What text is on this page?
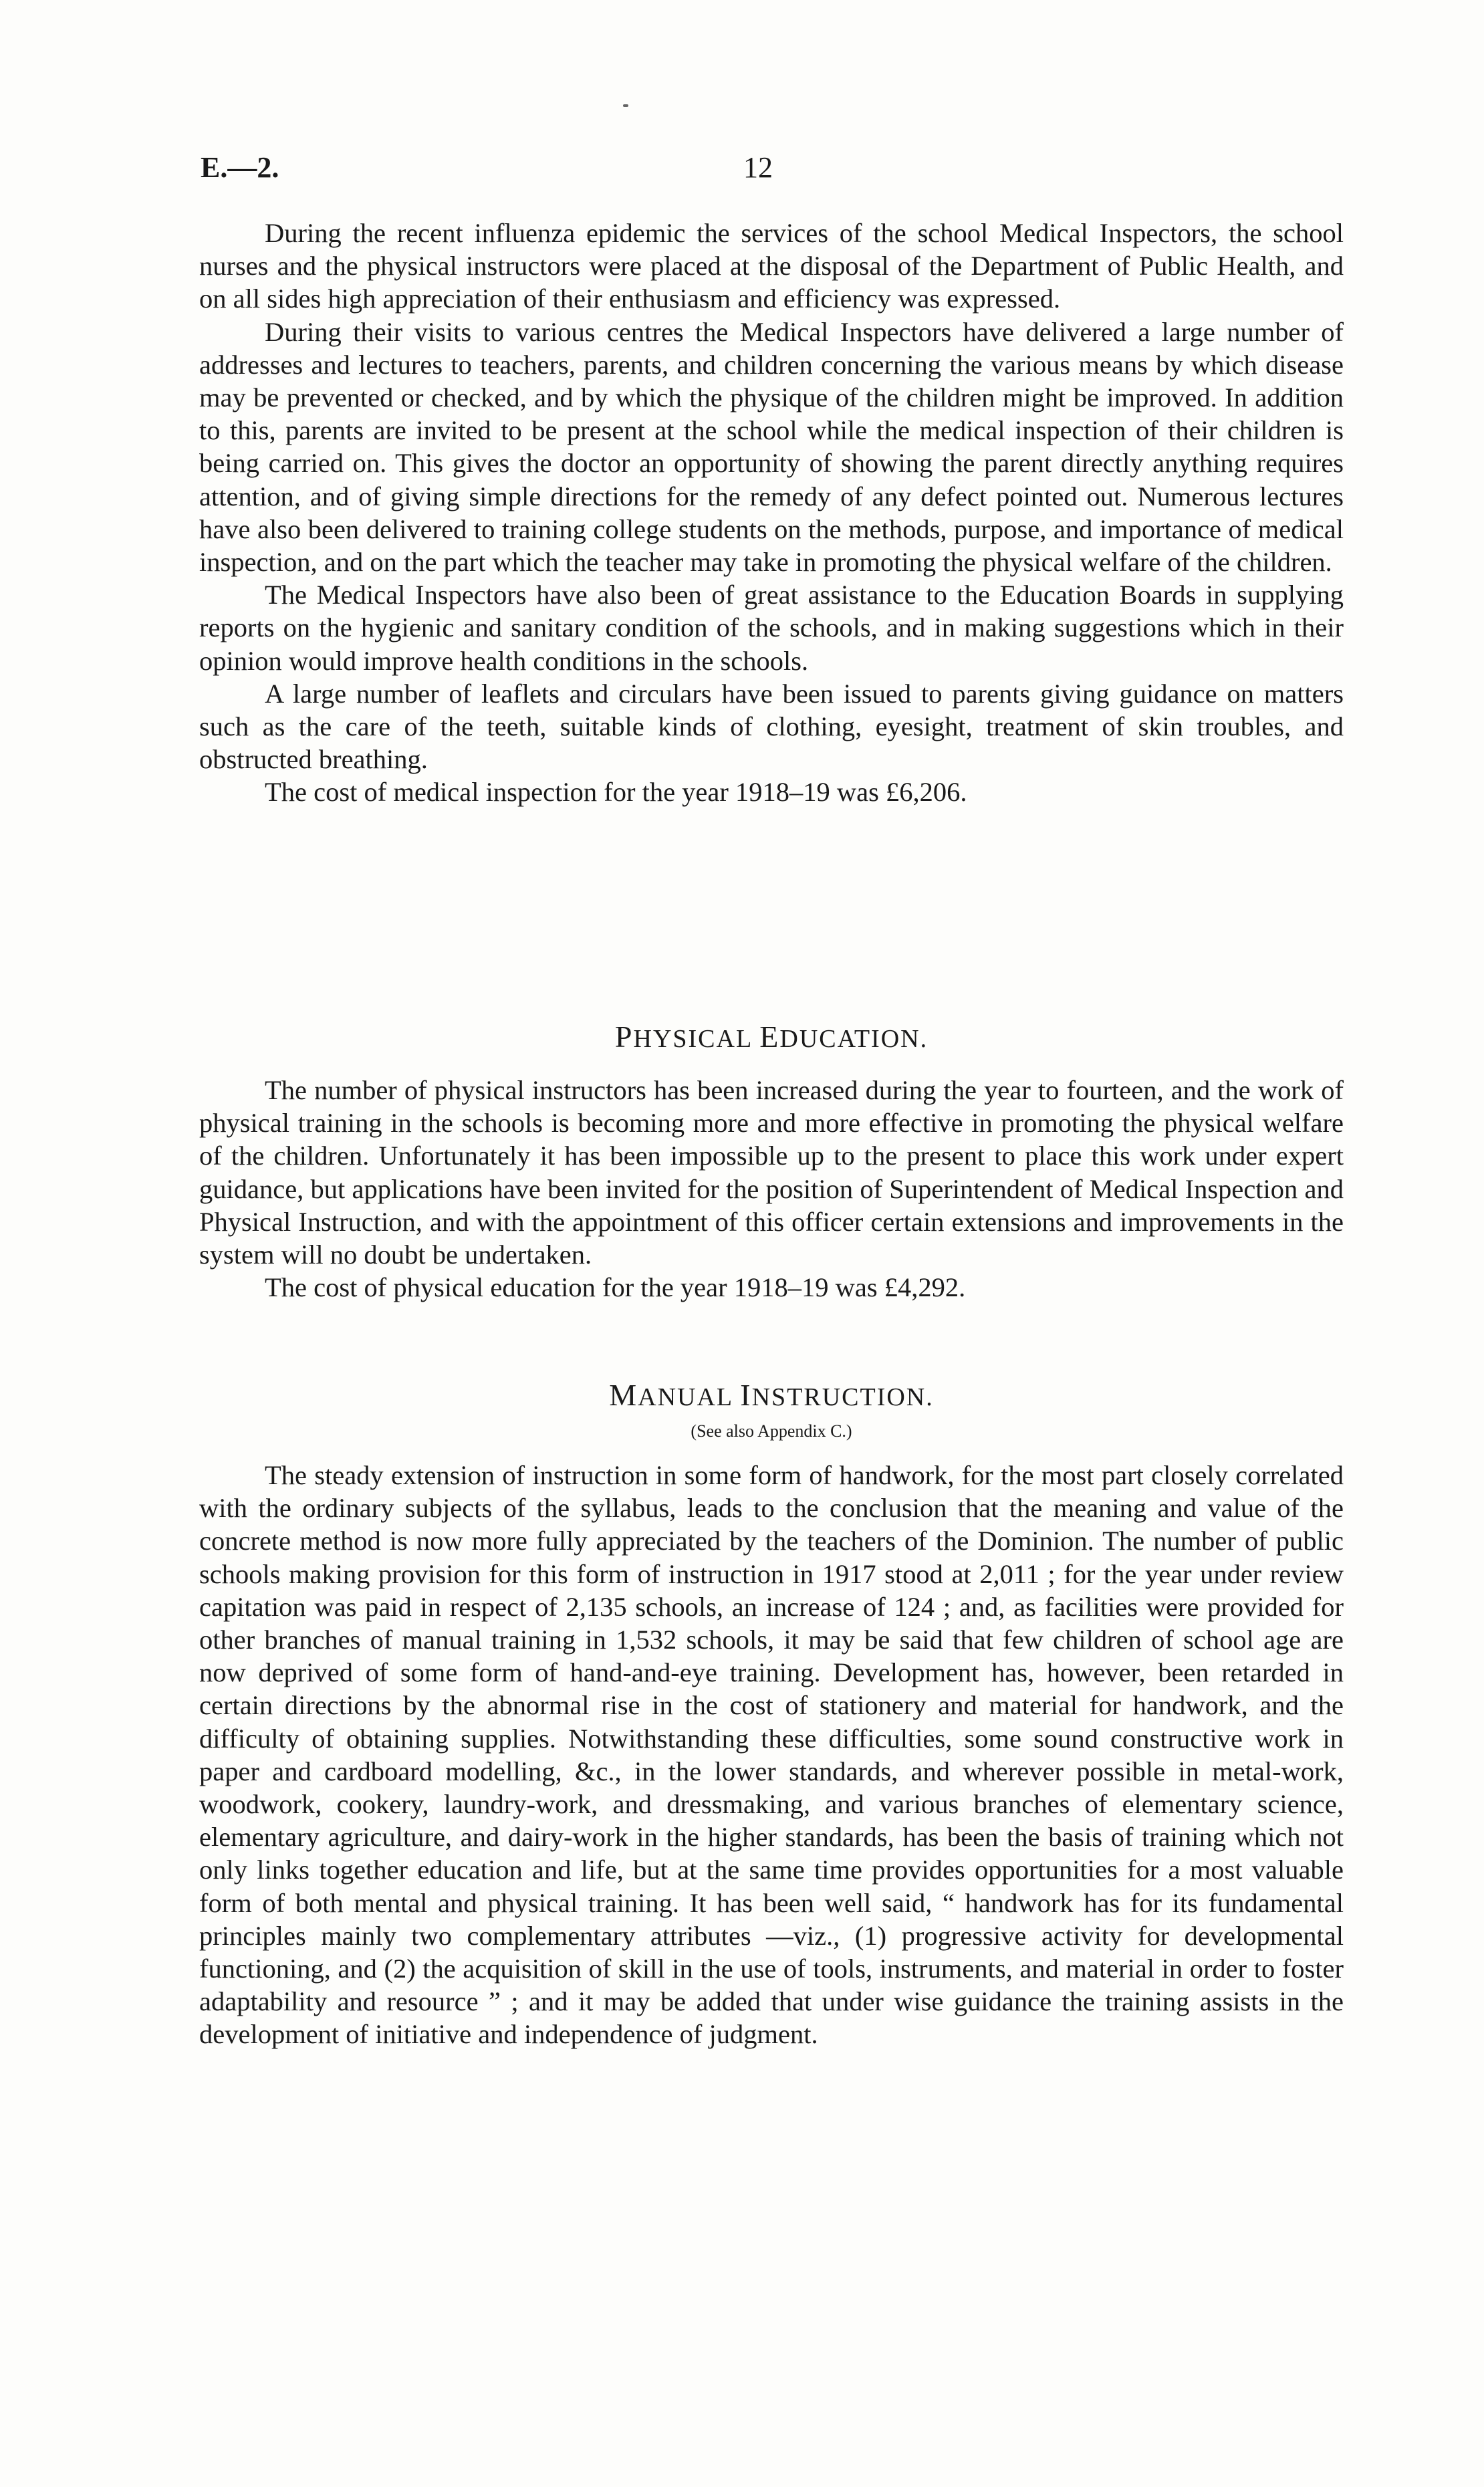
E.—2.	12

During the recent influenza epidemic the services of the school Medical Inspectors, the school nurses and the physical instructors were placed at the disposal of the Department of Public Health, and on all sides high appreciation of their enthusiasm and efficiency was expressed.

During their visits to various centres the Medical Inspectors have delivered a large number of addresses and lectures to teachers, parents, and children concerning the various means by which disease may be prevented or checked, and by which the physique of the children might be improved. In addition to this, parents are invited to be present at the school while the medical inspection of their children is being carried on. This gives the doctor an opportunity of showing the parent directly anything requires attention, and of giving simple directions for the remedy of any defect pointed out. Numerous lectures have also been delivered to training college students on the methods, purpose, and importance of medical inspection, and on the part which the teacher may take in promoting the physical welfare of the children.

The Medical Inspectors have also been of great assistance to the Education Boards in supplying reports on the hygienic and sanitary condition of the schools, and in making suggestions which in their opinion would improve health conditions in the schools.

A large number of leaflets and circulars have been issued to parents giving guidance on matters such as the care of the teeth, suitable kinds of clothing, eyesight, treatment of skin troubles, and obstructed breathing.

The cost of medical inspection for the year 1918–19 was £6,206.

PHYSICAL EDUCATION.

The number of physical instructors has been increased during the year to fourteen, and the work of physical training in the schools is becoming more and more effective in promoting the physical welfare of the children. Unfortunately it has been impossible up to the present to place this work under expert guidance, but applications have been invited for the position of Superintendent of Medical Inspection and Physical Instruction, and with the appointment of this officer certain extensions and improvements in the system will no doubt be undertaken.

The cost of physical education for the year 1918–19 was £4,292.

MANUAL INSTRUCTION.
(See also Appendix C.)

The steady extension of instruction in some form of handwork, for the most part closely correlated with the ordinary subjects of the syllabus, leads to the conclusion that the meaning and value of the concrete method is now more fully appreciated by the teachers of the Dominion. The number of public schools making provision for this form of instruction in 1917 stood at 2,011 ; for the year under review capitation was paid in respect of 2,135 schools, an increase of 124 ; and, as facilities were provided for other branches of manual training in 1,532 schools, it may be said that few children of school age are now deprived of some form of hand-and-eye training. Development has, however, been retarded in certain directions by the abnormal rise in the cost of stationery and material for handwork, and the difficulty of obtaining supplies. Notwithstanding these difficulties, some sound constructive work in paper and cardboard modelling, &c., in the lower standards, and wherever possible in metal-work, woodwork, cookery, laundry-work, and dressmaking, and various branches of elementary science, elementary agriculture, and dairy-work in the higher standards, has been the basis of training which not only links together education and life, but at the same time provides opportunities for a most valuable form of both mental and physical training. It has been well said, “ handwork has for its fundamental principles mainly two complementary attributes —viz., (1) progressive activity for developmental functioning, and (2) the acquisition of skill in the use of tools, instruments, and material in order to foster adaptability and resource ” ; and it may be added that under wise guidance the training assists in the development of initiative and independence of judgment.
